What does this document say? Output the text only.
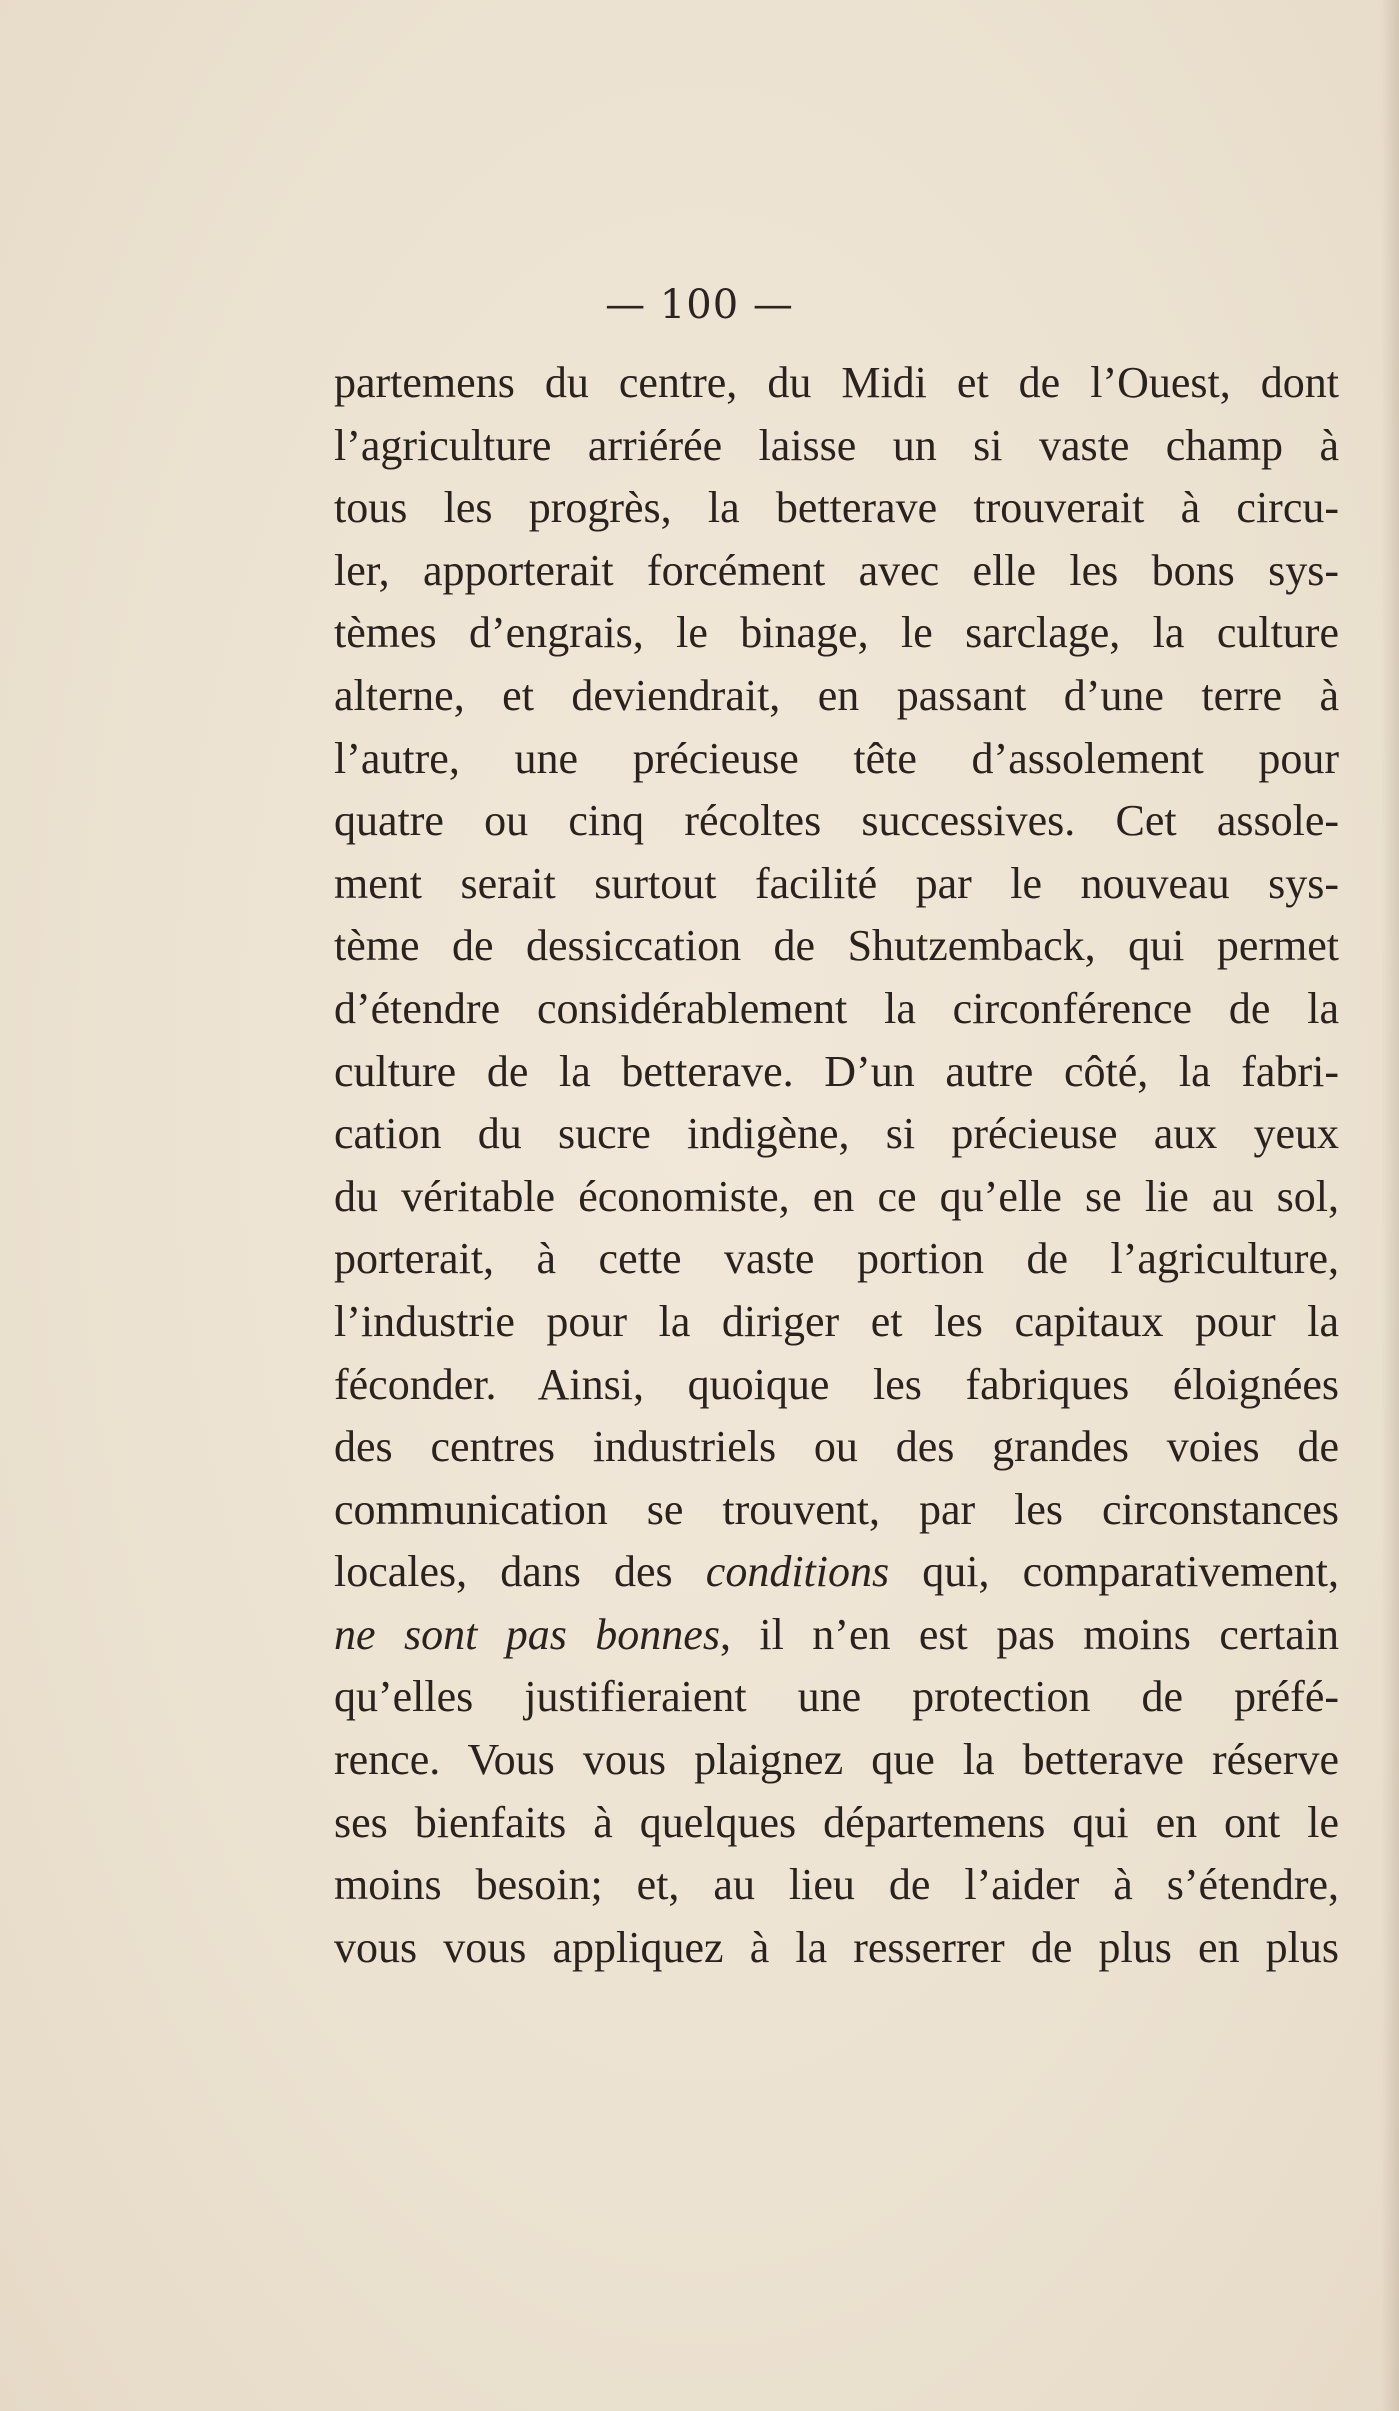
— 100 —
partemens du centre, du Midi et de l’Ouest, dont
l’agriculture arriérée laisse un si vaste champ à
tous les progrès, la betterave trouverait à circu-
ler, apporterait forcément avec elle les bons sys-
tèmes d’engrais, le binage, le sarclage, la culture
alterne, et deviendrait, en passant d’une terre à
l’autre, une précieuse tête d’assolement pour
quatre ou cinq récoltes successives. Cet assole-
ment serait surtout facilité par le nouveau sys-
tème de dessiccation de Shutzemback, qui permet
d’étendre considérablement la circonférence de la
culture de la betterave. D’un autre côté, la fabri-
cation du sucre indigène, si précieuse aux yeux
du véritable économiste, en ce qu’elle se lie au sol,
porterait, à cette vaste portion de l’agriculture,
l’industrie pour la diriger et les capitaux pour la
féconder. Ainsi, quoique les fabriques éloignées
des centres industriels ou des grandes voies de
communication se trouvent, par les circonstances
locales, dans des conditions qui, comparativement,
ne sont pas bonnes, il n’en est pas moins certain
qu’elles justifieraient une protection de préfé-
rence. Vous vous plaignez que la betterave réserve
ses bienfaits à quelques départemens qui en ont le
moins besoin; et, au lieu de l’aider à s’étendre,
vous vous appliquez à la resserrer de plus en plus
